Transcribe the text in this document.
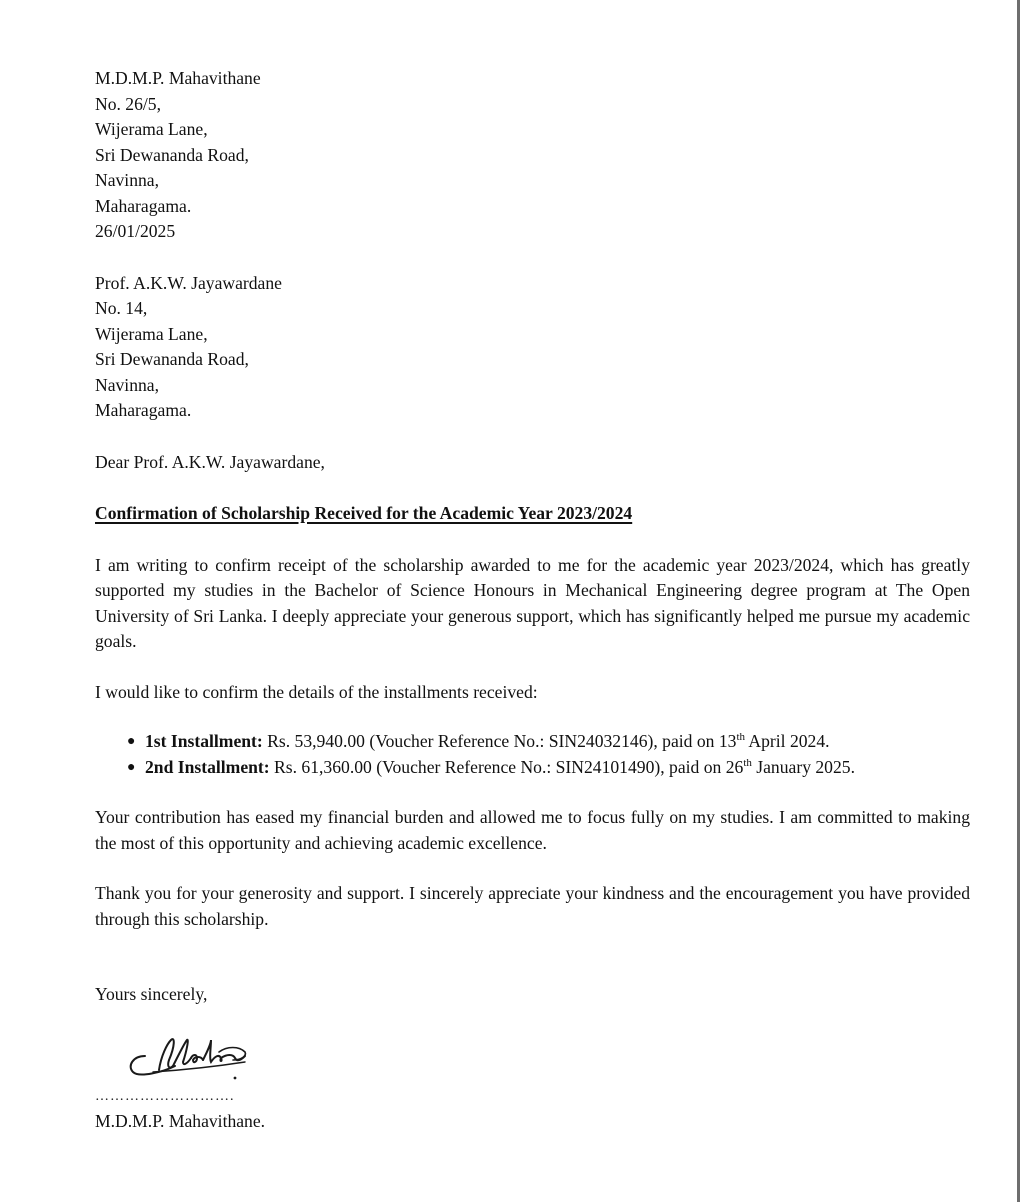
M.D.M.P. Mahavithane
No. 26/5,
Wijerama Lane,
Sri Dewananda Road,
Navinna,
Maharagama.
26/01/2025
Prof. A.K.W. Jayawardane
No. 14,
Wijerama Lane,
Sri Dewananda Road,
Navinna,
Maharagama.
Dear Prof. A.K.W. Jayawardane,
Confirmation of Scholarship Received for the Academic Year 2023/2024

I am writing to confirm receipt of the scholarship awarded to me for the academic year 2023/2024, which has greatly supported my studies in the Bachelor of Science Honours in Mechanical Engineering degree program at The Open University of Sri Lanka. I deeply appreciate your generous support, which has significantly helped me pursue my academic goals.

I would like to confirm the details of the installments received:

● 1st Installment: Rs. 53,940.00 (Voucher Reference No.: SIN24032146), paid on 13th April 2024.
● 2nd Installment: Rs. 61,360.00 (Voucher Reference No.: SIN24101490), paid on 26th January 2025.

Your contribution has eased my financial burden and allowed me to focus fully on my studies. I am committed to making the most of this opportunity and achieving academic excellence.

Thank you for your generosity and support. I sincerely appreciate your kindness and the encouragement you have provided through this scholarship.

Yours sincerely,
……………………….
M.D.M.P. Mahavithane.
